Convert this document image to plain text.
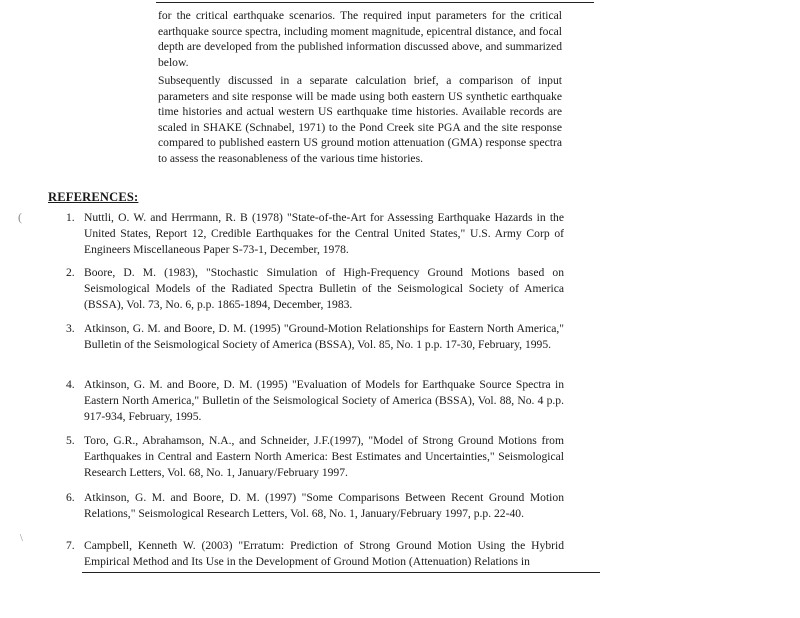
for the critical earthquake scenarios. The required input parameters for the critical earthquake source spectra, including moment magnitude, epicentral distance, and focal depth are developed from the published information discussed above, and summarized below.

Subsequently discussed in a separate calculation brief, a comparison of input parameters and site response will be made using both eastern US synthetic earthquake time histories and actual western US earthquake time histories. Available records are scaled in SHAKE (Schnabel, 1971) to the Pond Creek site PGA and the site response compared to published eastern US ground motion attenuation (GMA) response spectra to assess the reasonableness of the various time histories.

REFERENCES:
(
\
1. Nuttli, O. W. and Herrmann, R. B (1978) "State-of-the-Art for Assessing Earthquake Hazards in the United States, Report 12, Credible Earthquakes for the Central United States," U.S. Army Corp of Engineers Miscellaneous Paper S-73-1, December, 1978.
2. Boore, D. M. (1983), "Stochastic Simulation of High-Frequency Ground Motions based on Seismological Models of the Radiated Spectra Bulletin of the Seismological Society of America (BSSA), Vol. 73, No. 6, p.p. 1865-1894, December, 1983.
3. Atkinson, G. M. and Boore, D. M. (1995) "Ground-Motion Relationships for Eastern North America," Bulletin of the Seismological Society of America (BSSA), Vol. 85, No. 1 p.p. 17-30, February, 1995.
4. Atkinson, G. M. and Boore, D. M. (1995) "Evaluation of Models for Earthquake Source Spectra in Eastern North America," Bulletin of the Seismological Society of America (BSSA), Vol. 88, No. 4 p.p. 917-934, February, 1995.
5. Toro, G.R., Abrahamson, N.A., and Schneider, J.F.(1997), "Model of Strong Ground Motions from Earthquakes in Central and Eastern North America: Best Estimates and Uncertainties," Seismological Research Letters, Vol. 68, No. 1, January/February 1997.
6. Atkinson, G. M. and Boore, D. M. (1997) "Some Comparisons Between Recent Ground Motion Relations," Seismological Research Letters, Vol. 68, No. 1, January/February 1997, p.p. 22-40.
7. Campbell, Kenneth W. (2003) "Erratum: Prediction of Strong Ground Motion Using the Hybrid Empirical Method and Its Use in the Development of Ground Motion (Attenuation) Relations in
